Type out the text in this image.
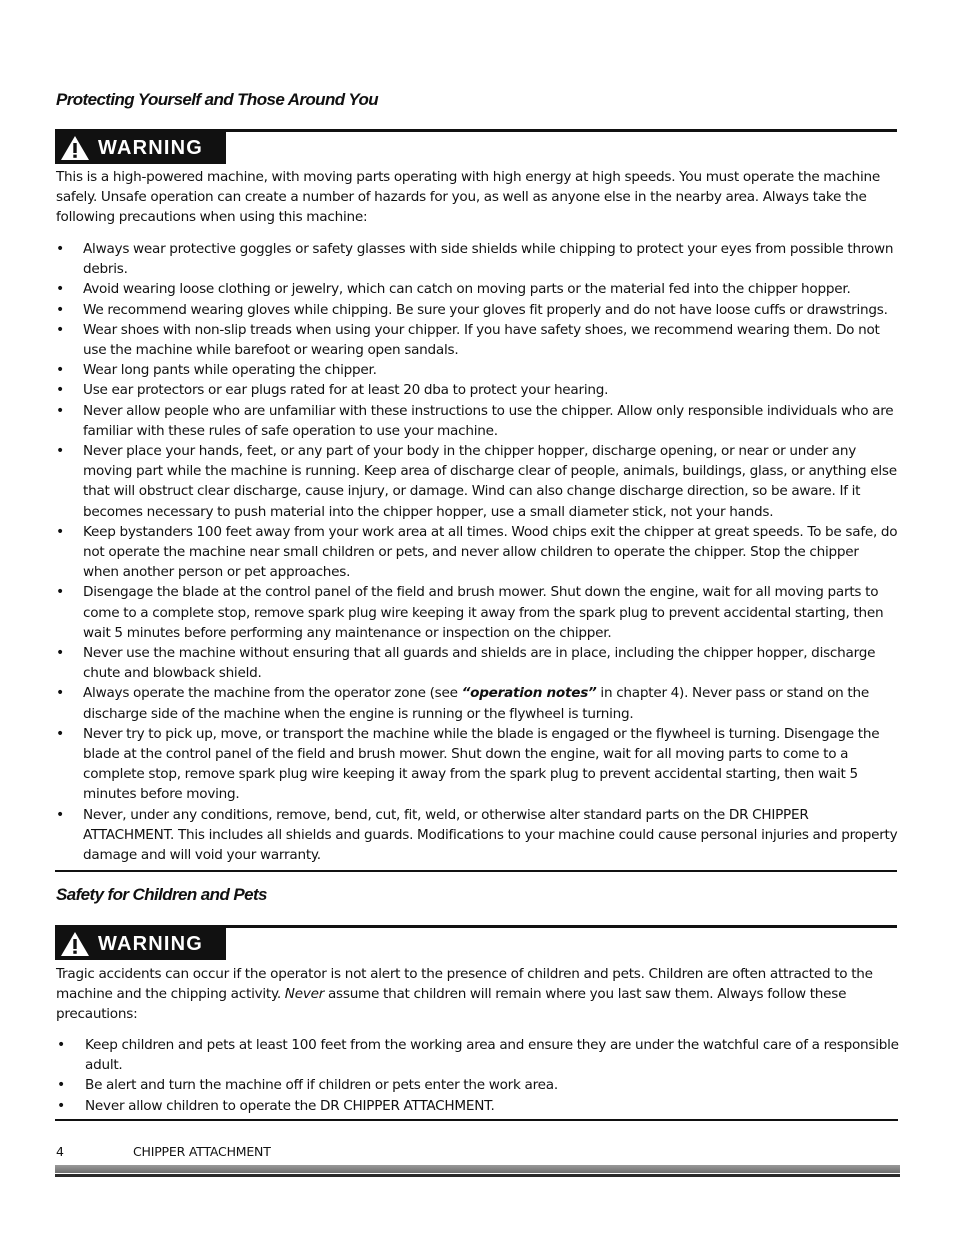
Protecting Yourself and Those Around You
WARNING

This is a high-powered machine, with moving parts operating with high energy at high speeds. You must operate the machine safely. Unsafe operation can create a number of hazards for you, as well as anyone else in the nearby area. Always take the following precautions when using this machine:

• Always wear protective goggles or safety glasses with side shields while chipping to protect your eyes from possible thrown debris.
• Avoid wearing loose clothing or jewelry, which can catch on moving parts or the material fed into the chipper hopper.
• We recommend wearing gloves while chipping. Be sure your gloves fit properly and do not have loose cuffs or drawstrings.
• Wear shoes with non-slip treads when using your chipper. If you have safety shoes, we recommend wearing them. Do not use the machine while barefoot or wearing open sandals.
• Wear long pants while operating the chipper.
• Use ear protectors or ear plugs rated for at least 20 dba to protect your hearing.
• Never allow people who are unfamiliar with these instructions to use the chipper. Allow only responsible individuals who are familiar with these rules of safe operation to use your machine.
• Never place your hands, feet, or any part of your body in the chipper hopper, discharge opening, or near or under any moving part while the machine is running. Keep area of discharge clear of people, animals, buildings, glass, or anything else that will obstruct clear discharge, cause injury, or damage. Wind can also change discharge direction, so be aware. If it becomes necessary to push material into the chipper hopper, use a small diameter stick, not your hands.
• Keep bystanders 100 feet away from your work area at all times. Wood chips exit the chipper at great speeds. To be safe, do not operate the machine near small children or pets, and never allow children to operate the chipper. Stop the chipper when another person or pet approaches.
• Disengage the blade at the control panel of the field and brush mower. Shut down the engine, wait for all moving parts to come to a complete stop, remove spark plug wire keeping it away from the spark plug to prevent accidental starting, then wait 5 minutes before performing any maintenance or inspection on the chipper.
• Never use the machine without ensuring that all guards and shields are in place, including the chipper hopper, discharge chute and blowback shield.
• Always operate the machine from the operator zone (see “operation notes” in chapter 4). Never pass or stand on the discharge side of the machine when the engine is running or the flywheel is turning.
• Never try to pick up, move, or transport the machine while the blade is engaged or the flywheel is turning. Disengage the blade at the control panel of the field and brush mower. Shut down the engine, wait for all moving parts to come to a complete stop, remove spark plug wire keeping it away from the spark plug to prevent accidental starting, then wait 5 minutes before moving.
• Never, under any conditions, remove, bend, cut, fit, weld, or otherwise alter standard parts on the DR CHIPPER ATTACHMENT. This includes all shields and guards. Modifications to your machine could cause personal injuries and property damage and will void your warranty.
Safety for Children and Pets
WARNING

Tragic accidents can occur if the operator is not alert to the presence of children and pets. Children are often attracted to the machine and the chipping activity. Never assume that children will remain where you last saw them. Always follow these precautions:

• Keep children and pets at least 100 feet from the working area and ensure they are under the watchful care of a responsible adult.
• Be alert and turn the machine off if children or pets enter the work area.
• Never allow children to operate the DR CHIPPER ATTACHMENT.
4	CHIPPER ATTACHMENT
